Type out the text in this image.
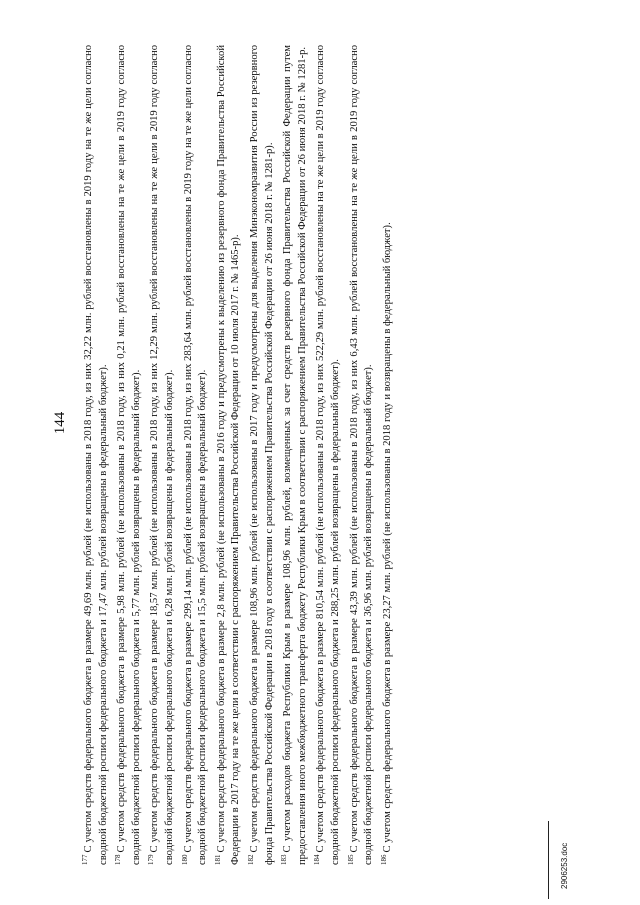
144

$^{177}$С учетом средств федерального бюджета в размере 49,69 млн. рублей (не использованы в 2018 году, из них 32,22 млн. рублей восстановлены в 2019 году на те же цели согласно сводной бюджетной росписи федерального бюджета и 17,47 млн. рублей возвращены в федеральный бюджет). $^{178}$С учетом средств федерального бюджета в размере 5,98 млн. рублей (не использованы в 2018 году, из них 0,21 млн. рублей восстановлены на те же цели в 2019 году согласно сводной бюджетной росписи федерального бюджета и 5,77 млн. рублей возвращены в федеральный бюджет). $^{179}$С учетом средств федерального бюджета в размере 18,57 млн. рублей (не использованы в 2018 году, из них 12,29 млн. рублей восстановлены на те же цели в 2019 году согласно сводной бюджетной росписи федерального бюджета и 6,28 млн. рублей возвращены в федеральный бюджет). $^{180}$С учетом средств федерального бюджета в размере 299,14 млн. рублей (не использованы в 2018 году, из них 283,64 млн. рублей восстановлены в 2019 году на те же цели согласно сводной бюджетной росписи федерального бюджета и 15,5 млн. рублей возвращены в федеральный бюджет). $^{181}$С учетом средств федерального бюджета в размере 2,8 млн. рублей (не использованы в 2016 году и предусмотрены к выделению из резервного фонда Правительства Российской Федерации в 2017 году на те же цели в соответствии с распоряжением Правительства Российской Федерации от 10 июля 2017 г. № 1465-р). $^{182}$С учетом средств федерального бюджета в размере 108,96 млн. рублей (не использованы в 2017 году и предусмотрены для выделения Минэкономразвития России из резервного фонда Правительства Российской Федерации в 2018 году в соответствии с распоряжением Правительства Российской Федерации от 26 июня 2018 г. № 1281-р). $^{183}$С учетом расходов бюджета Республики Крым в размере 108,96 млн. рублей, возмещенных за счет средств резервного фонда Правительства Российской Федерации путем предоставления иного межбюджетного трансферта бюджету Республики Крым в соответствии с распоряжением Правительства Российской Федерации от 26 июня 2018 г. № 1281-р. $^{184}$С учетом средств федерального бюджета в размере 810,54 млн. рублей (не использованы в 2018 году, из них 522,29 млн. рублей восстановлены на те же цели в 2019 году согласно сводной бюджетной росписи федерального бюджета и 288,25 млн. рублей возвращены в федеральный бюджет). $^{185}$С учетом средств федерального бюджета в размере 43,39 млн. рублей (не использованы в 2018 году, из них 6,43 млн. рублей восстановлены на те же цели в 2019 году согласно сводной бюджетной росписи федерального бюджета и 36,96 млн. рублей возвращены в федеральный бюджет). $^{186}$С учетом средств федерального бюджета в размере 23,27 млн. рублей (не использованы в 2018 году и возвращены в федеральный бюджет).

2906253.doc
